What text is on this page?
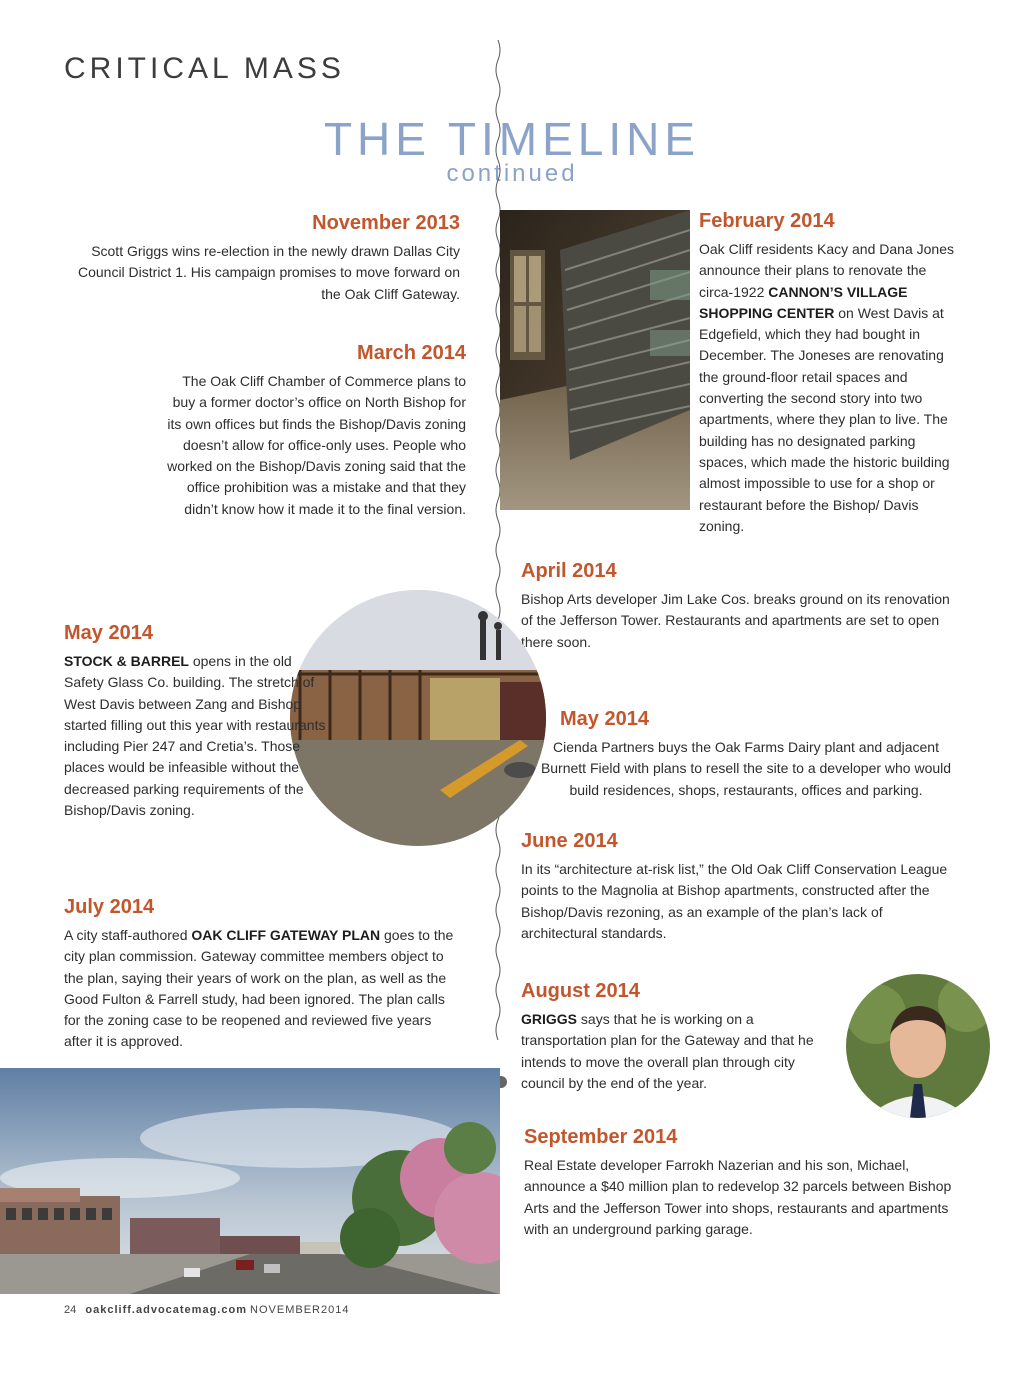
CRITICAL MASS
THE TIMELINE
continued

November 2013

Scott Griggs wins re-election in the newly drawn Dallas City Council District 1. His campaign promises to move forward on the Oak Cliff Gateway.

March 2014

The Oak Cliff Chamber of Commerce plans to buy a former doctor’s office on North Bishop for its own offices but finds the Bishop/Davis zoning doesn’t allow for office-only uses. People who worked on the Bishop/Davis zoning said that the office prohibition was a mistake and that they didn’t know how it made it to the final version.

February 2014

Oak Cliff residents Kacy and Dana Jones announce their plans to renovate the circa-1922 CANNON’S VILLAGE SHOPPING CENTER on West Davis at Edgefield, which they had bought in December. The Joneses are renovating the ground-floor retail spaces and converting the second story into two apartments, where they plan to live. The building has no designated parking spaces, which made the historic building almost impossible to use for a shop or restaurant before the Bishop/ Davis zoning.

April 2014

Bishop Arts developer Jim Lake Cos. breaks ground on its renovation of the Jefferson Tower. Restaurants and apartments are set to open there soon.

May 2014

STOCK & BARREL opens in the old Safety Glass Co. building. The stretch of West Davis between Zang and Bishop started filling out this year with restaurants including Pier 247 and Cretia’s. Those places would be infeasible without the decreased parking requirements of the Bishop/Davis zoning.

May 2014

Cienda Partners buys the Oak Farms Dairy plant and adjacent Burnett Field with plans to resell the site to a developer who would build residences, shops, restaurants, offices and parking.

June 2014

In its “architecture at-risk list,” the Old Oak Cliff Conservation League points to the Magnolia at Bishop apartments, constructed after the Bishop/Davis rezoning, as an example of the plan’s lack of architectural standards.

July 2014

A city staff-authored OAK CLIFF GATEWAY PLAN goes to the city plan commission. Gateway committee members object to the plan, saying their years of work on the plan, as well as the Good Fulton & Farrell study, had been ignored. The plan calls for the zoning case to be reopened and reviewed five years after it is approved.

August 2014

GRIGGS says that he is working on a transportation plan for the Gateway and that he intends to move the overall plan through city council by the end of the year.

September 2014

Real Estate developer Farrokh Nazerian and his son, Michael, announce a $40 million plan to redevelop 32 parcels between Bishop Arts and the Jefferson Tower into shops, restaurants and apartments with an underground parking garage.

24 oakcliff.advocatemag.com NOVEMBER2014
